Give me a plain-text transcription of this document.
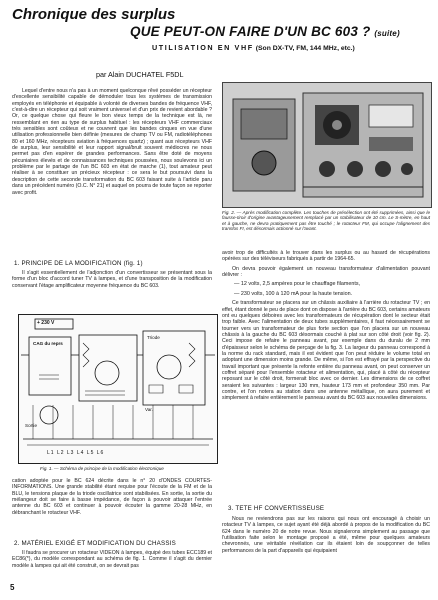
Chronique des surplus
QUE PEUT-ON FAIRE D'UN BC 603 ? (suite)
UTILISATION EN VHF (Son DX-TV, FM, 144 MHz, etc.)
par Alain DUCHATEL F5DL

Lequel d'entre nous n'a pas à un moment quelconque rêvé posséder un récepteur d'excellente sensibilité capable de démoduler tous les systèmes de transmission employés en téléphonie et équipable à volonté de diverses bandes de fréquence VHF, c'est-à-dire un récepteur qui soit vraiment universel et d'un prix de revient abordable ? Or, ce quelque chose qui fleure le bon vieux temps de la technique est là, ne ressemblant en rien au type de surplus habituel : les récepteurs VHF commerciaux très sensibles sont coûteux et ne couvrent que les bandes cinques en vue d'une utilisation professionnelle bien définie (mesures de champ TV ou FM, radiotéléphones 80 et 160 MHz, récepteurs aviation à fréquences quartz) ; quant aux récepteurs VHF de surplus, leur sensibilité et leur rapport signal/bruit souvent médiocres ne nous permet pas d'en espérer de grandes performances. Sans être doté de moyens pécuniaires élevés et de connaissances techniques poussées, nous soulevons ici un problème par le partage de l'un BC 603 en état de marche (1), tout amateur peut réaliser à se constituer un précieux récepteur : ce sera le but poursuivi dans la description de cette seconde transformation du BC 603 faisant suite à l'article paru dans un précédent numéro (O.C. N° 21) et auquel on pourra de toute façon se reporter avec profit.

1. PRINCIPE DE LA MODIFICATION (fig. 1)

Il s'agit essentiellement de l'adjonction d'un convertisseur se présentant sous la forme d'un bloc d'accord tuner TV à lampes, et d'une transposition de la modification conservant l'étage amplificateur moyenne fréquence du BC 603.

+ 230 V
CAG du reprs
Triode
Var.
Sortie
L1 L2 L3 L4 L5 L6
Fig. 1. — Schéma de principe de la modification électronique

cation adoptée pour le BC 624 décrite dans le n° 20 d'ONDES COURTES-INFORMATIONS. Une grande stabilité étant requise pour l'écoute de la FM et de la BLU, le tensions plaque de la triode oscillatrice sont stabilisées. En sortie, la sortie du mélangeur doit se faire à basse impédance, de façon à pouvoir attaquer l'entrée antenne du BC 603 et continuer à pouvoir écouter la gamme 20-28 MHz, en débranchant le rotacteur VHF.

2. MATÉRIEL EXIGÉ ET MODIFICATION DU CHASSIS

Il faudra se procurer un rotacteur VIDEON à lampes, équipé des tubes ECC189 et EC86(*), du modèle correspondant au schéma de fig. 1. Comme il s'agit du dernier modèle à lampes qui ait été construit, on se devrait pas

Fig. 2. — Après modification complète. Les touches de présélection ont été supprimées, ainsi que le fausse-tiroir d'origine avantageusement remplacé par un stabilisateur de 10 cm. Le S-mètre, en haut et à gauche, ne devra pratiquement pas être touché ; le rotacteur FM, qui occupe l'alignement des transfos FI, est désormais actionné sur l'avant.

avoir trop de difficultés à le trouver dans les surplus ou au hasard de récupérations opérées sur des téléviseurs fabriqués à partir de 1964-65.

On devra pouvoir également un nouveau transformateur d'alimentation pouvant délivrer :

— 12 volts, 2,5 ampères pour le chauffage filaments,

— 230 volts, 100 à 120 mA pour la haute tension.

Ce transformateur se placera sur un châssis auxiliaire à l'arrière du rotacteur TV ; en effet, étant donné le peu de place dont on dispose à l'arrière du BC 603, certains amateurs ont eu quelques déboires avec les transformateurs de récupération dont le secteur était trop faible. Avec l'alimentation de deux tubes supplémentaires, il faut nécessairement se tourner vers un transformateur de plus forte section que l'on placera sur un nouveau châssis à la gauche du BC 603 désormais couché à plat sur son côté droit (voir fig. 2). Ceci impose de refaire le panneau avant, par exemple dans du duralu de 2 mm d'épaisseur selon le schéma de perçage de la fig. 3. La largeur du panneau correspond à la norme du rack standard, mais il est évident que l'on peut réduire le volume total en adoptant une dimension moins grande. De même, si l'on est effrayé par la perspective du travail important que présente la refonte entière du panneau avant, on peut conserver un coffret séparé pour l'ensemble rotacteur et alimentation, qui, placé à côté du récepteur reposant sur le côté droit, formerait bloc avec ce dernier. Les dimensions de ce coffret seraient les suivantes : largeur 130 mm, hauteur 173 mm et profondeur 350 mm. Par contre, et l'on notera au station dans une antenne métallique, on aura purement et simplement à refaire entièrement le panneau avant du BC 603 aux nouvelles dimensions.

3. TETE HF CONVERTISSEUSE

Nous ne reviendrons pas sur les raisons qui nous ont encouragé à choisir un rotacteur TV à lampes, ce sujet ayant été déjà abordé à propos de la modification du BC 624 dans le numéro 20 de notre revue. Nous signalerons simplement au passage que l'utilisation faite selon le montage proposé a été, même pour quelques amateurs chevronnés, une véritable révélation car ils étaient loin de soupçonner de telles performances de la part d'appareils qui équipaient

5
